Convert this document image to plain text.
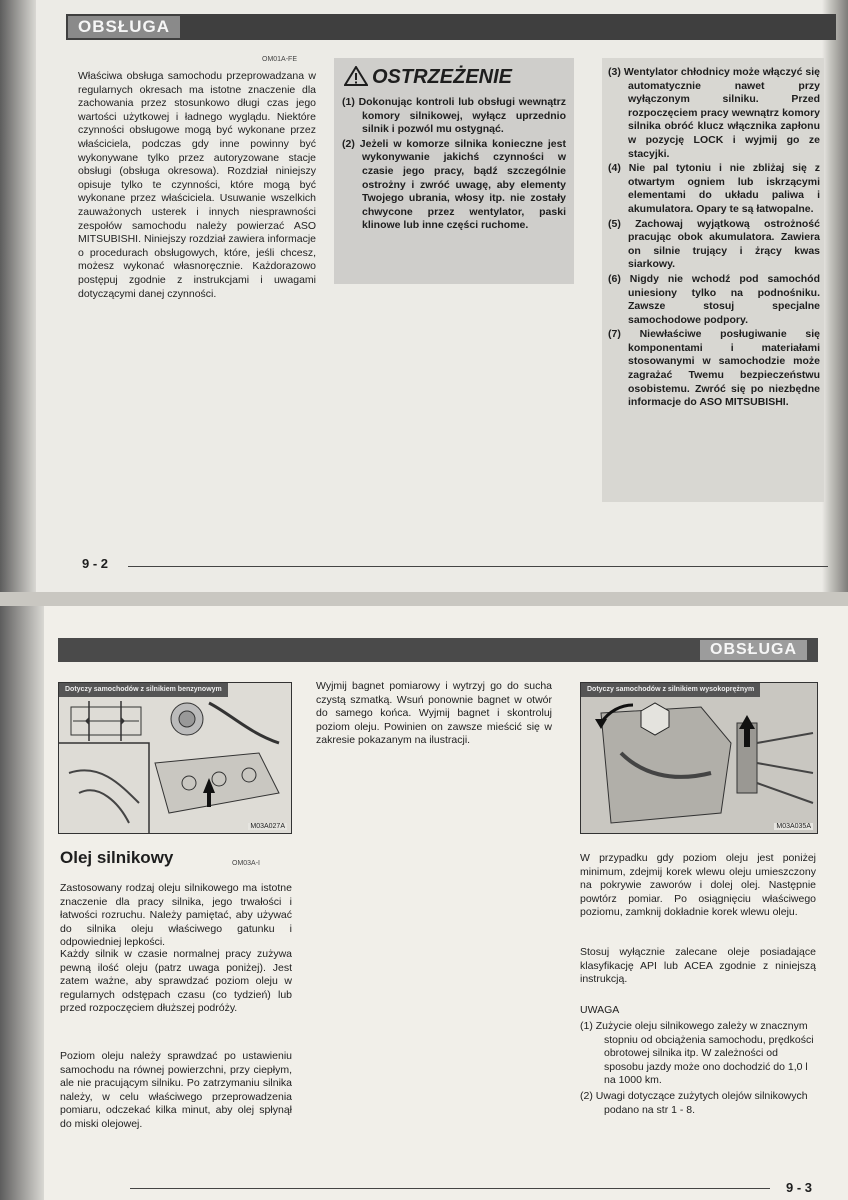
OBSŁUGA
OM01A-FE

Właściwa obsługa samochodu przeprowadzana w regularnych okresach ma istotne znaczenie dla zachowania przez stosunkowo długi czas jego wartości użytkowej i ładnego wyglądu. Niektóre czynności obsługowe mogą być wykonane przez właściciela, podczas gdy inne powinny być wykonywane tylko przez autoryzowane stacje obsługi (obsługa okresowa). Rozdział niniejszy opisuje tylko te czynności, które mogą być wykonane przez właściciela. Usuwanie wszelkich zauważonych usterek i innych niesprawności zespołów samochodu należy powierzać ASO MITSUBISHI. Niniejszy rozdział zawiera informacje o procedurach obsługowych, które, jeśli chcesz, możesz wykonać własnoręcznie. Każdorazowo postępuj zgodnie z instrukcjami i uwagami dotyczącymi danej czynności.

OSTRZEŻENIE
(1) Dokonując kontroli lub obsługi wewnątrz komory silnikowej, wyłącz uprzednio silnik i pozwól mu ostygnąć.
(2) Jeżeli w komorze silnika konieczne jest wykonywanie jakichś czynności w czasie jego pracy, bądź szczególnie ostrożny i zwróć uwagę, aby elementy Twojego ubrania, włosy itp. nie zostały chwycone przez wentylator, paski klinowe lub inne części ruchome.
(3) Wentylator chłodnicy może włączyć się automatycznie nawet przy wyłączonym silniku. Przed rozpoczęciem pracy wewnątrz komory silnika obróć klucz włącznika zapłonu w pozycję LOCK i wyjmij go ze stacyjki.
(4) Nie pal tytoniu i nie zbliżaj się z otwartym ogniem lub iskrzącymi elementami do układu paliwa i akumulatora. Opary te są łatwopalne.
(5) Zachowaj wyjątkową ostrożność pracując obok akumulatora. Zawiera on silnie trujący i żrący kwas siarkowy.
(6) Nigdy nie wchodź pod samochód uniesiony tylko na podnośniku. Zawsze stosuj specjalne samochodowe podpory.
(7) Niewłaściwe posługiwanie się komponentami i materiałami stosowanymi w samochodzie może zagrażać Twemu bezpieczeństwu osobistemu. Zwróć się po niezbędne informacje do ASO MITSUBISHI.
9 - 2
OBSŁUGA
Dotyczy samochodów z silnikiem benzynowym
M03A027A

Wyjmij bagnet pomiarowy i wytrzyj go do sucha czystą szmatką. Wsuń ponownie bagnet w otwór do samego końca. Wyjmij bagnet i skontroluj poziom oleju. Powinien on zawsze mieścić się w zakresie pokazanym na ilustracji.

Dotyczy samochodów z silnikiem wysokoprężnym
M03A035A
Olej silnikowy	OM03A-I

Zastosowany rodzaj oleju silnikowego ma istotne znaczenie dla pracy silnika, jego trwałości i łatwości rozruchu. Należy pamiętać, aby używać do silnika oleju właściwego gatunku i odpowiedniej lepkości.

Każdy silnik w czasie normalnej pracy zużywa pewną ilość oleju (patrz uwaga poniżej). Jest zatem ważne, aby sprawdzać poziom oleju w regularnych odstępach czasu (co tydzień) lub przed rozpoczęciem dłuższej podróży.

Poziom oleju należy sprawdzać po ustawieniu samochodu na równej powierzchni, przy ciepłym, ale nie pracującym silniku. Po zatrzymaniu silnika należy, w celu właściwego przeprowadzenia pomiaru, odczekać kilka minut, aby olej spłynął do miski olejowej.

W przypadku gdy poziom oleju jest poniżej minimum, zdejmij korek wlewu oleju umieszczony na pokrywie zaworów i dolej olej. Następnie powtórz pomiar. Po osiągnięciu właściwego poziomu, zamknij dokładnie korek wlewu oleju.

Stosuj wyłącznie zalecane oleje posiadające klasyfikację API lub ACEA zgodnie z niniejszą instrukcją.

UWAGA
(1) Zużycie oleju silnikowego zależy w znacznym stopniu od obciążenia samochodu, prędkości obrotowej silnika itp. W zależności od sposobu jazdy może ono dochodzić do 1,0 l na 1000 km.
(2) Uwagi dotyczące zużytych olejów silnikowych podano na str 1 - 8.
9 - 3
